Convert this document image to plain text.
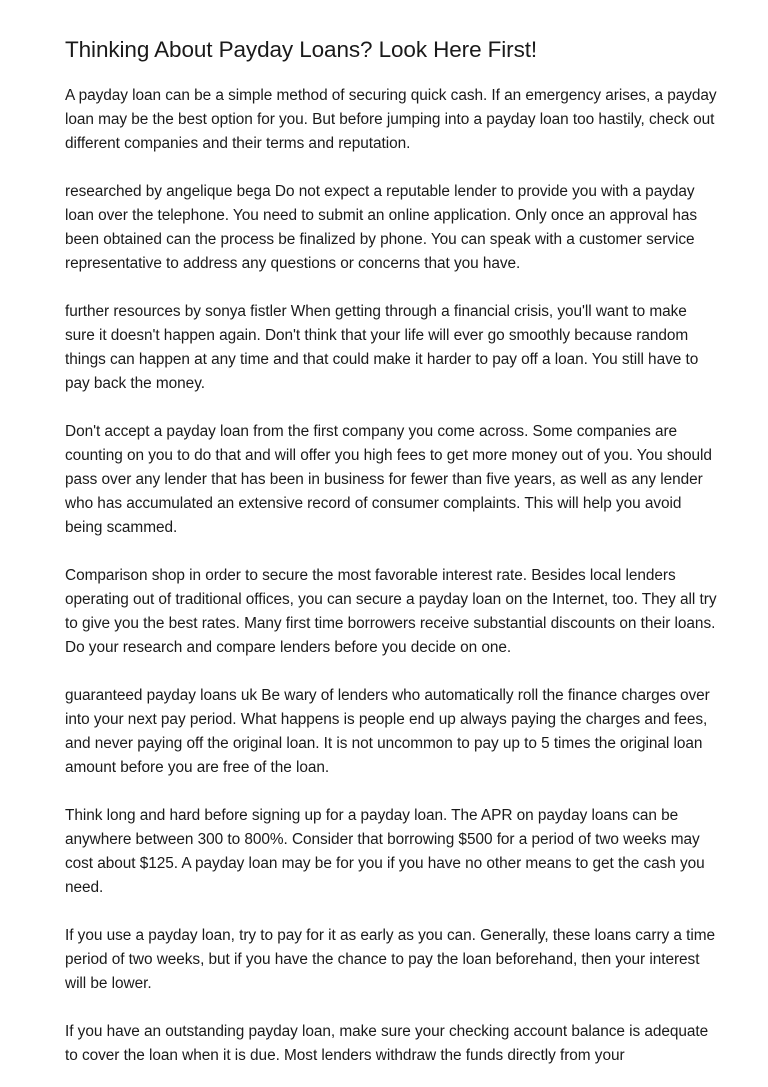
Thinking About Payday Loans? Look Here First!

A payday loan can be a simple method of securing quick cash. If an emergency arises, a payday loan may be the best option for you. But before jumping into a payday loan too hastily, check out different companies and their terms and reputation.

researched by angelique bega Do not expect a reputable lender to provide you with a payday loan over the telephone. You need to submit an online application. Only once an approval has been obtained can the process be finalized by phone. You can speak with a customer service representative to address any questions or concerns that you have.

further resources by sonya fistler When getting through a financial crisis, you'll want to make sure it doesn't happen again. Don't think that your life will ever go smoothly because random things can happen at any time and that could make it harder to pay off a loan. You still have to pay back the money.

Don't accept a payday loan from the first company you come across. Some companies are counting on you to do that and will offer you high fees to get more money out of you. You should pass over any lender that has been in business for fewer than five years, as well as any lender who has accumulated an extensive record of consumer complaints. This will help you avoid being scammed.

Comparison shop in order to secure the most favorable interest rate. Besides local lenders operating out of traditional offices, you can secure a payday loan on the Internet, too. They all try to give you the best rates. Many first time borrowers receive substantial discounts on their loans. Do your research and compare lenders before you decide on one.

guaranteed payday loans uk Be wary of lenders who automatically roll the finance charges over into your next pay period. What happens is people end up always paying the charges and fees, and never paying off the original loan. It is not uncommon to pay up to 5 times the original loan amount before you are free of the loan.

Think long and hard before signing up for a payday loan. The APR on payday loans can be anywhere between 300 to 800%. Consider that borrowing $500 for a period of two weeks may cost about $125. A payday loan may be for you if you have no other means to get the cash you need.

If you use a payday loan, try to pay for it as early as you can. Generally, these loans carry a time period of two weeks, but if you have the chance to pay the loan beforehand, then your interest will be lower.

If you have an outstanding payday loan, make sure your checking account balance is adequate to cover the loan when it is due. Most lenders withdraw the funds directly from your
